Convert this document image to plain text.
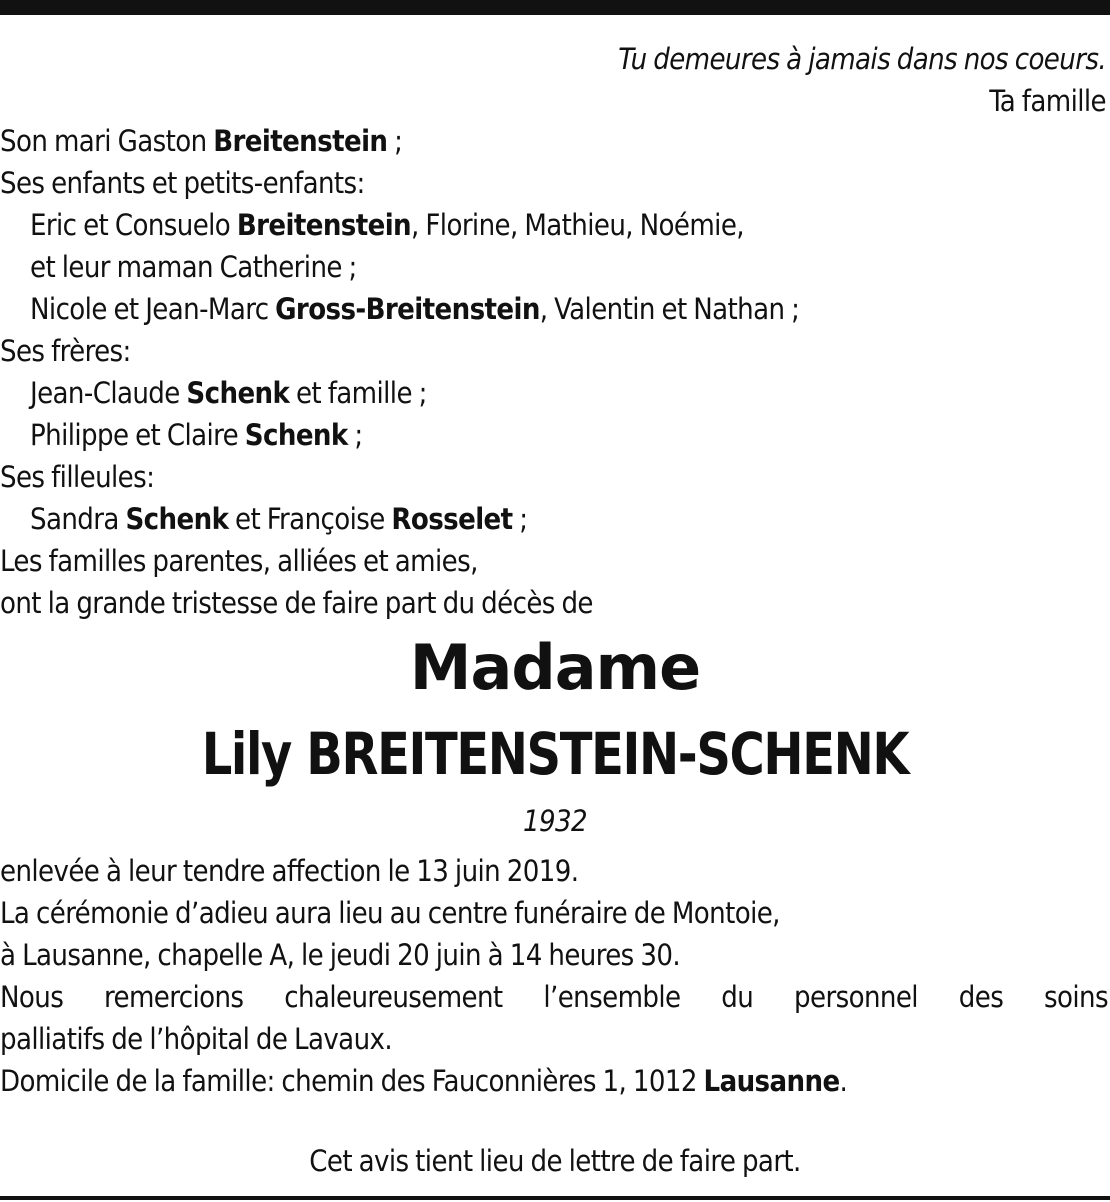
Tu demeures à jamais dans nos coeurs.
Ta famille
Son mari Gaston Breitenstein ;
Ses enfants et petits-enfants:
Eric et Consuelo Breitenstein, Florine, Mathieu, Noémie,
et leur maman Catherine ;
Nicole et Jean-Marc Gross-Breitenstein, Valentin et Nathan ;
Ses frères:
Jean-Claude Schenk et famille ;
Philippe et Claire Schenk ;
Ses filleules:
Sandra Schenk et Françoise Rosselet ;
Les familles parentes, alliées et amies,
ont la grande tristesse de faire part du décès de
Madame
Lily BREITENSTEIN-SCHENK
1932
enlevée à leur tendre affection le 13 juin 2019.
La cérémonie d’adieu aura lieu au centre funéraire de Montoie,
à Lausanne, chapelle A, le jeudi 20 juin à 14 heures 30.
Nous remercions chaleureusement l’ensemble du personnel des soins
palliatifs de l’hôpital de Lavaux.
Domicile de la famille: chemin des Fauconnières 1, 1012 Lausanne.
Cet avis tient lieu de lettre de faire part.
